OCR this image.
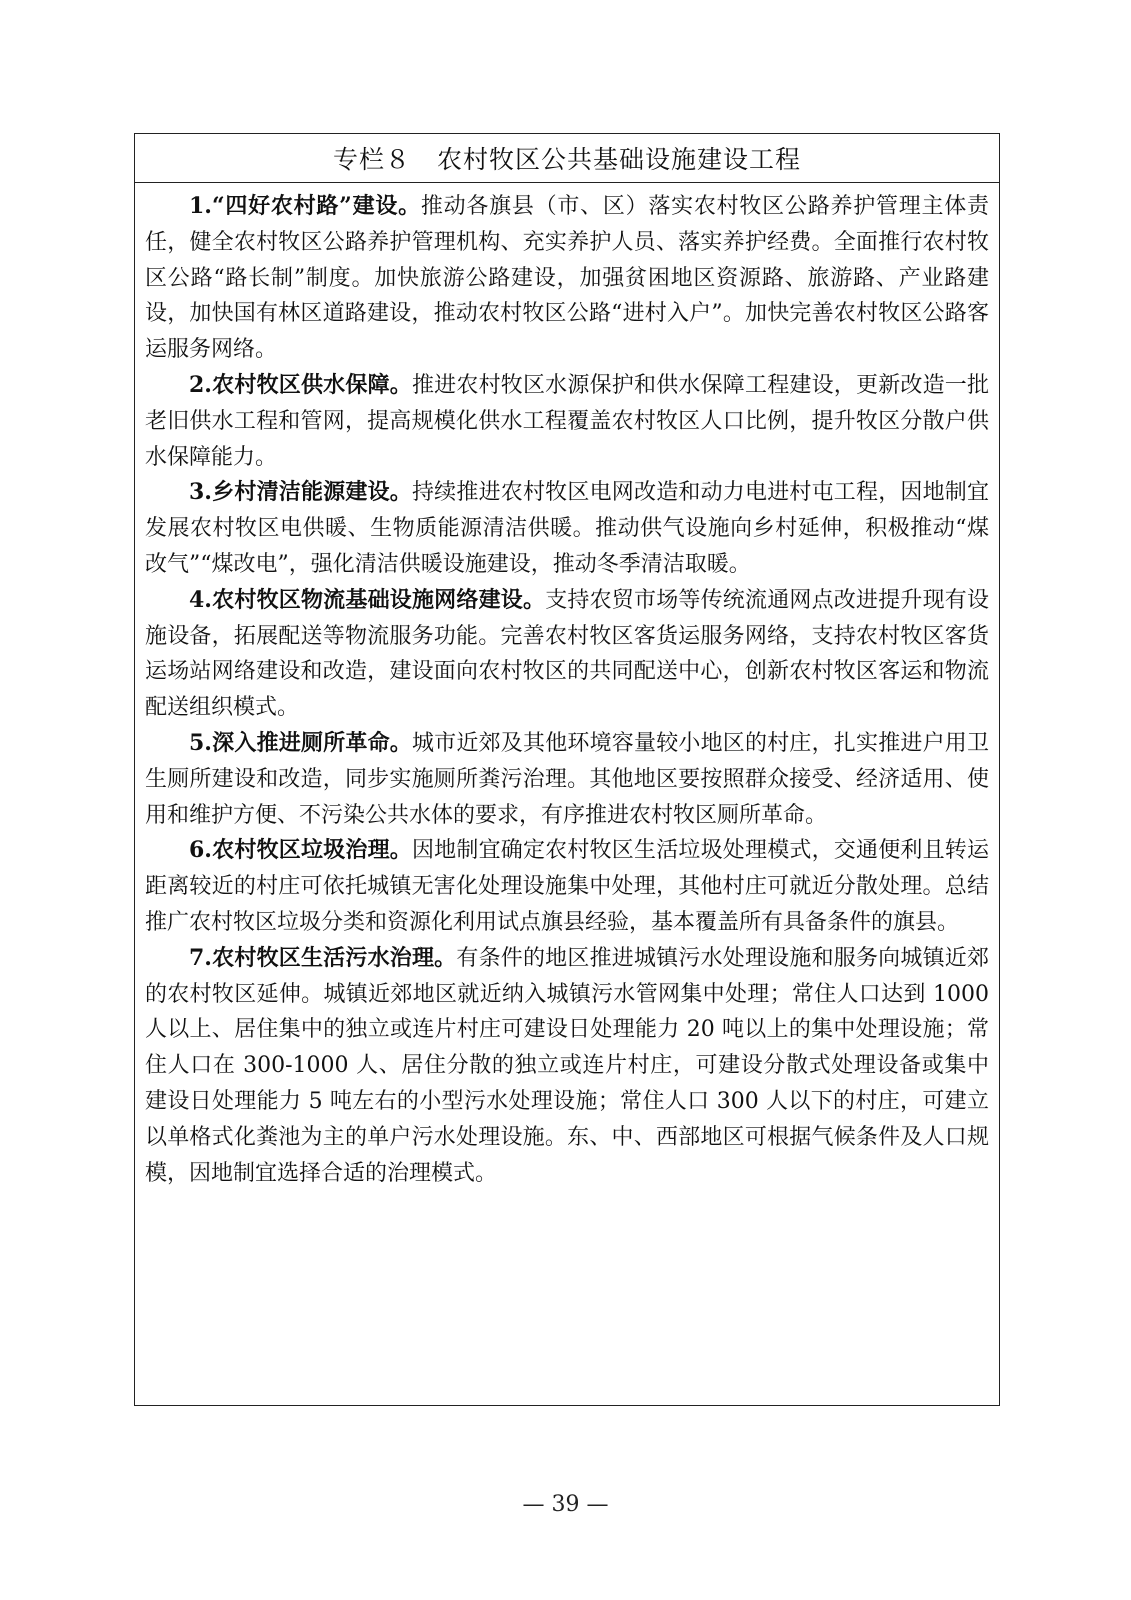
专栏８　农村牧区公共基础设施建设工程

1.“四好农村路”建设。推动各旗县（市、区）落实农村牧区公路养护管理主体责任，健全农村牧区公路养护管理机构、充实养护人员、落实养护经费。全面推行农村牧区公路“路长制”制度。加快旅游公路建设，加强贫困地区资源路、旅游路、产业路建设，加快国有林区道路建设，推动农村牧区公路“进村入户”。加快完善农村牧区公路客运服务网络。

2.农村牧区供水保障。推进农村牧区水源保护和供水保障工程建设，更新改造一批老旧供水工程和管网，提高规模化供水工程覆盖农村牧区人口比例，提升牧区分散户供水保障能力。

3.乡村清洁能源建设。持续推进农村牧区电网改造和动力电进村屯工程，因地制宜发展农村牧区电供暖、生物质能源清洁供暖。推动供气设施向乡村延伸，积极推动“煤改气”“煤改电”，强化清洁供暖设施建设，推动冬季清洁取暖。

4.农村牧区物流基础设施网络建设。支持农贸市场等传统流通网点改进提升现有设施设备，拓展配送等物流服务功能。完善农村牧区客货运服务网络，支持农村牧区客货运场站网络建设和改造，建设面向农村牧区的共同配送中心，创新农村牧区客运和物流配送组织模式。

5.深入推进厕所革命。城市近郊及其他环境容量较小地区的村庄，扎实推进户用卫生厕所建设和改造，同步实施厕所粪污治理。其他地区要按照群众接受、经济适用、使用和维护方便、不污染公共水体的要求，有序推进农村牧区厕所革命。

6.农村牧区垃圾治理。因地制宜确定农村牧区生活垃圾处理模式，交通便利且转运距离较近的村庄可依托城镇无害化处理设施集中处理，其他村庄可就近分散处理。总结推广农村牧区垃圾分类和资源化利用试点旗县经验，基本覆盖所有具备条件的旗县。

7.农村牧区生活污水治理。有条件的地区推进城镇污水处理设施和服务向城镇近郊的农村牧区延伸。城镇近郊地区就近纳入城镇污水管网集中处理；常住人口达到 1000 人以上、居住集中的独立或连片村庄可建设日处理能力 20 吨以上的集中处理设施；常住人口在 300-1000 人、居住分散的独立或连片村庄，可建设分散式处理设备或集中建设日处理能力 5 吨左右的小型污水处理设施；常住人口 300 人以下的村庄，可建立以单格式化粪池为主的单户污水处理设施。东、中、西部地区可根据气候条件及人口规模，因地制宜选择合适的治理模式。

— 39 —
